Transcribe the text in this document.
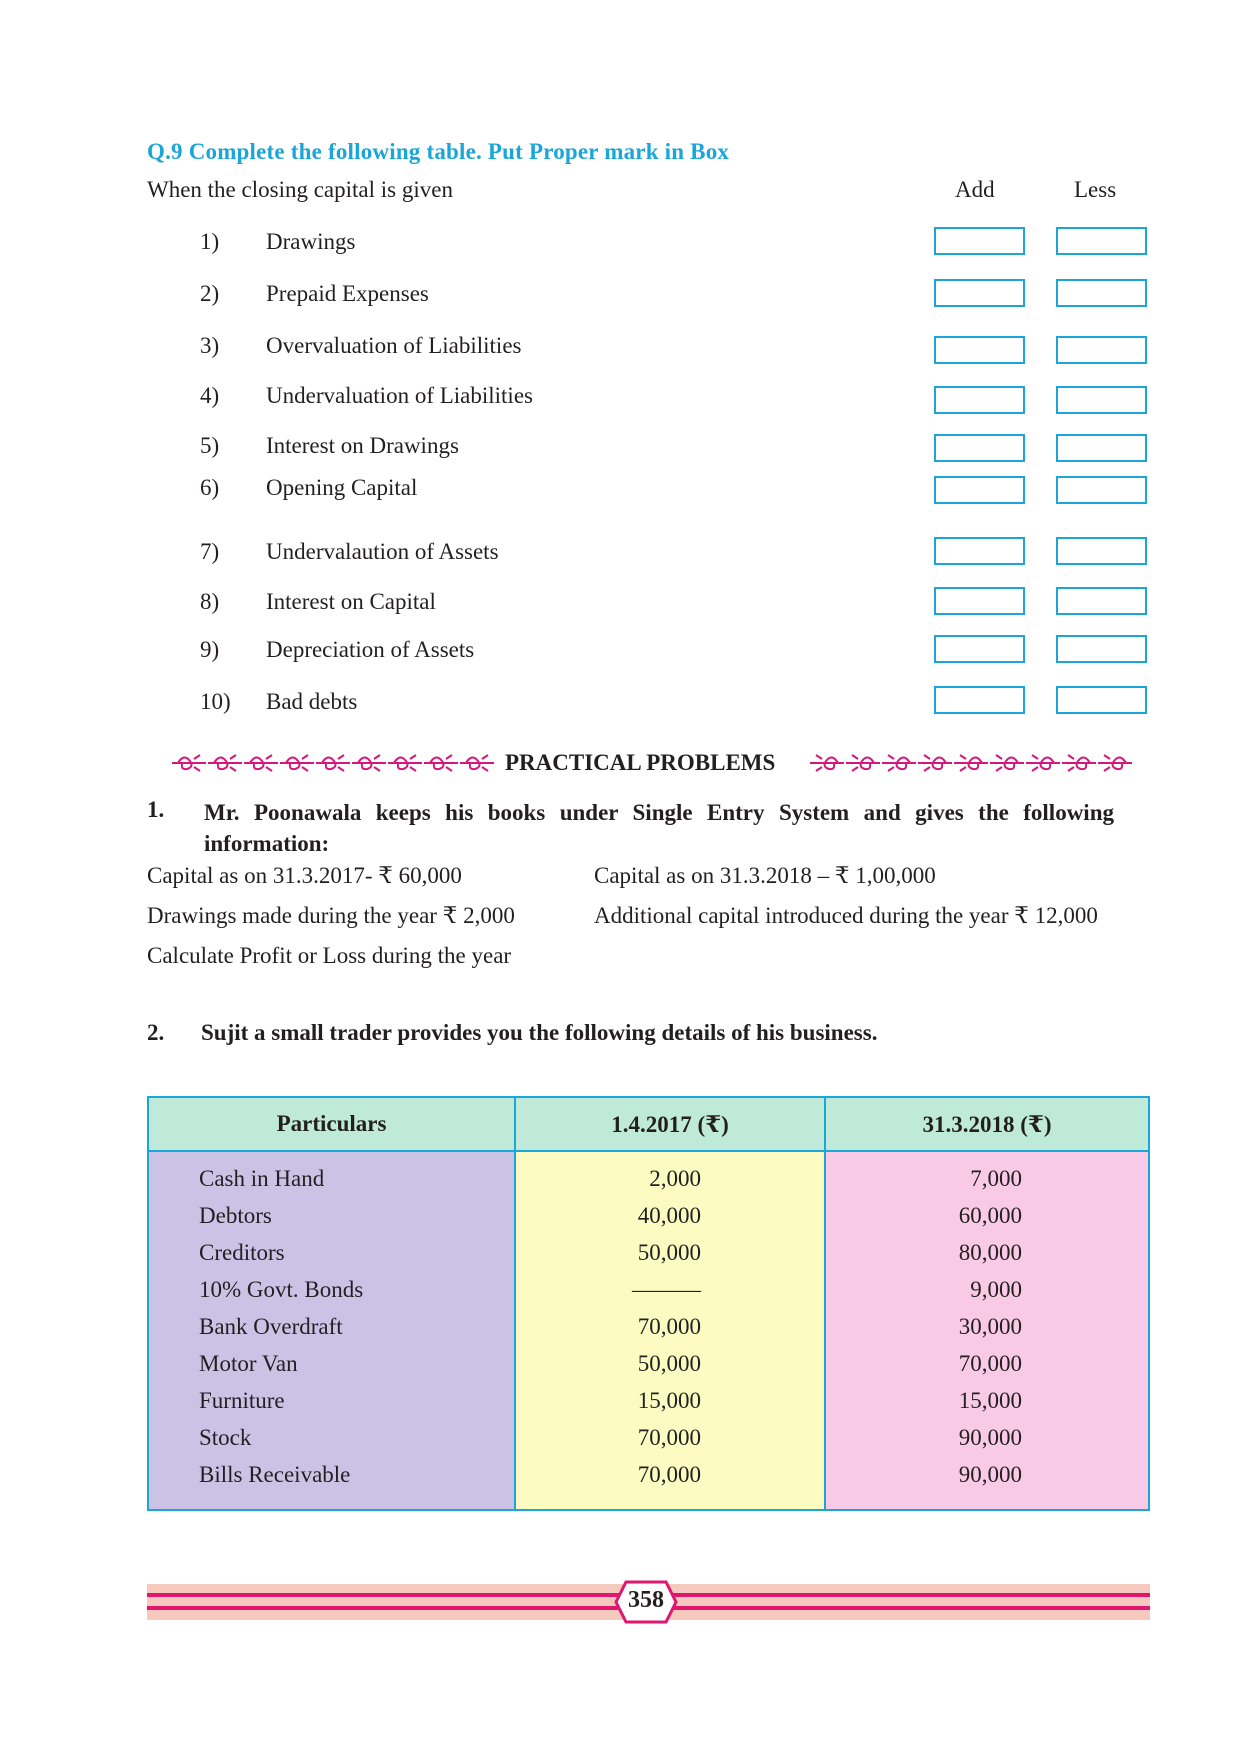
Q.9 Complete the following table. Put Proper mark in Box
When the closing capital is given	Add	Less
1) Drawings
2) Prepaid Expenses
3) Overvaluation of Liabilities
4) Undervaluation of Liabilities
5) Interest on Drawings
6) Opening Capital
7) Undervalaution of Assets
8) Interest on Capital
9) Depreciation of Assets
10) Bad debts
PRACTICAL PROBLEMS
1. Mr. Poonawala keeps his books under Single Entry System and gives the following information:
Capital as on 31.3.2017- ₹ 60,000	Capital as on 31.3.2018 – ₹ 1,00,000
Drawings made during the year ₹ 2,000	Additional capital introduced during the year ₹ 12,000
Calculate Profit or Loss during the year
2. Sujit a small trader provides you the following details of his business.
Particulars	1.4.2017 (₹)	31.3.2018 (₹)
Cash in Hand	2,000	7,000
Debtors	40,000	60,000
Creditors	50,000	80,000
10% Govt. Bonds	———	9,000
Bank Overdraft	70,000	30,000
Motor Van	50,000	70,000
Furniture	15,000	15,000
Stock	70,000	90,000
Bills Receivable	70,000	90,000
358
